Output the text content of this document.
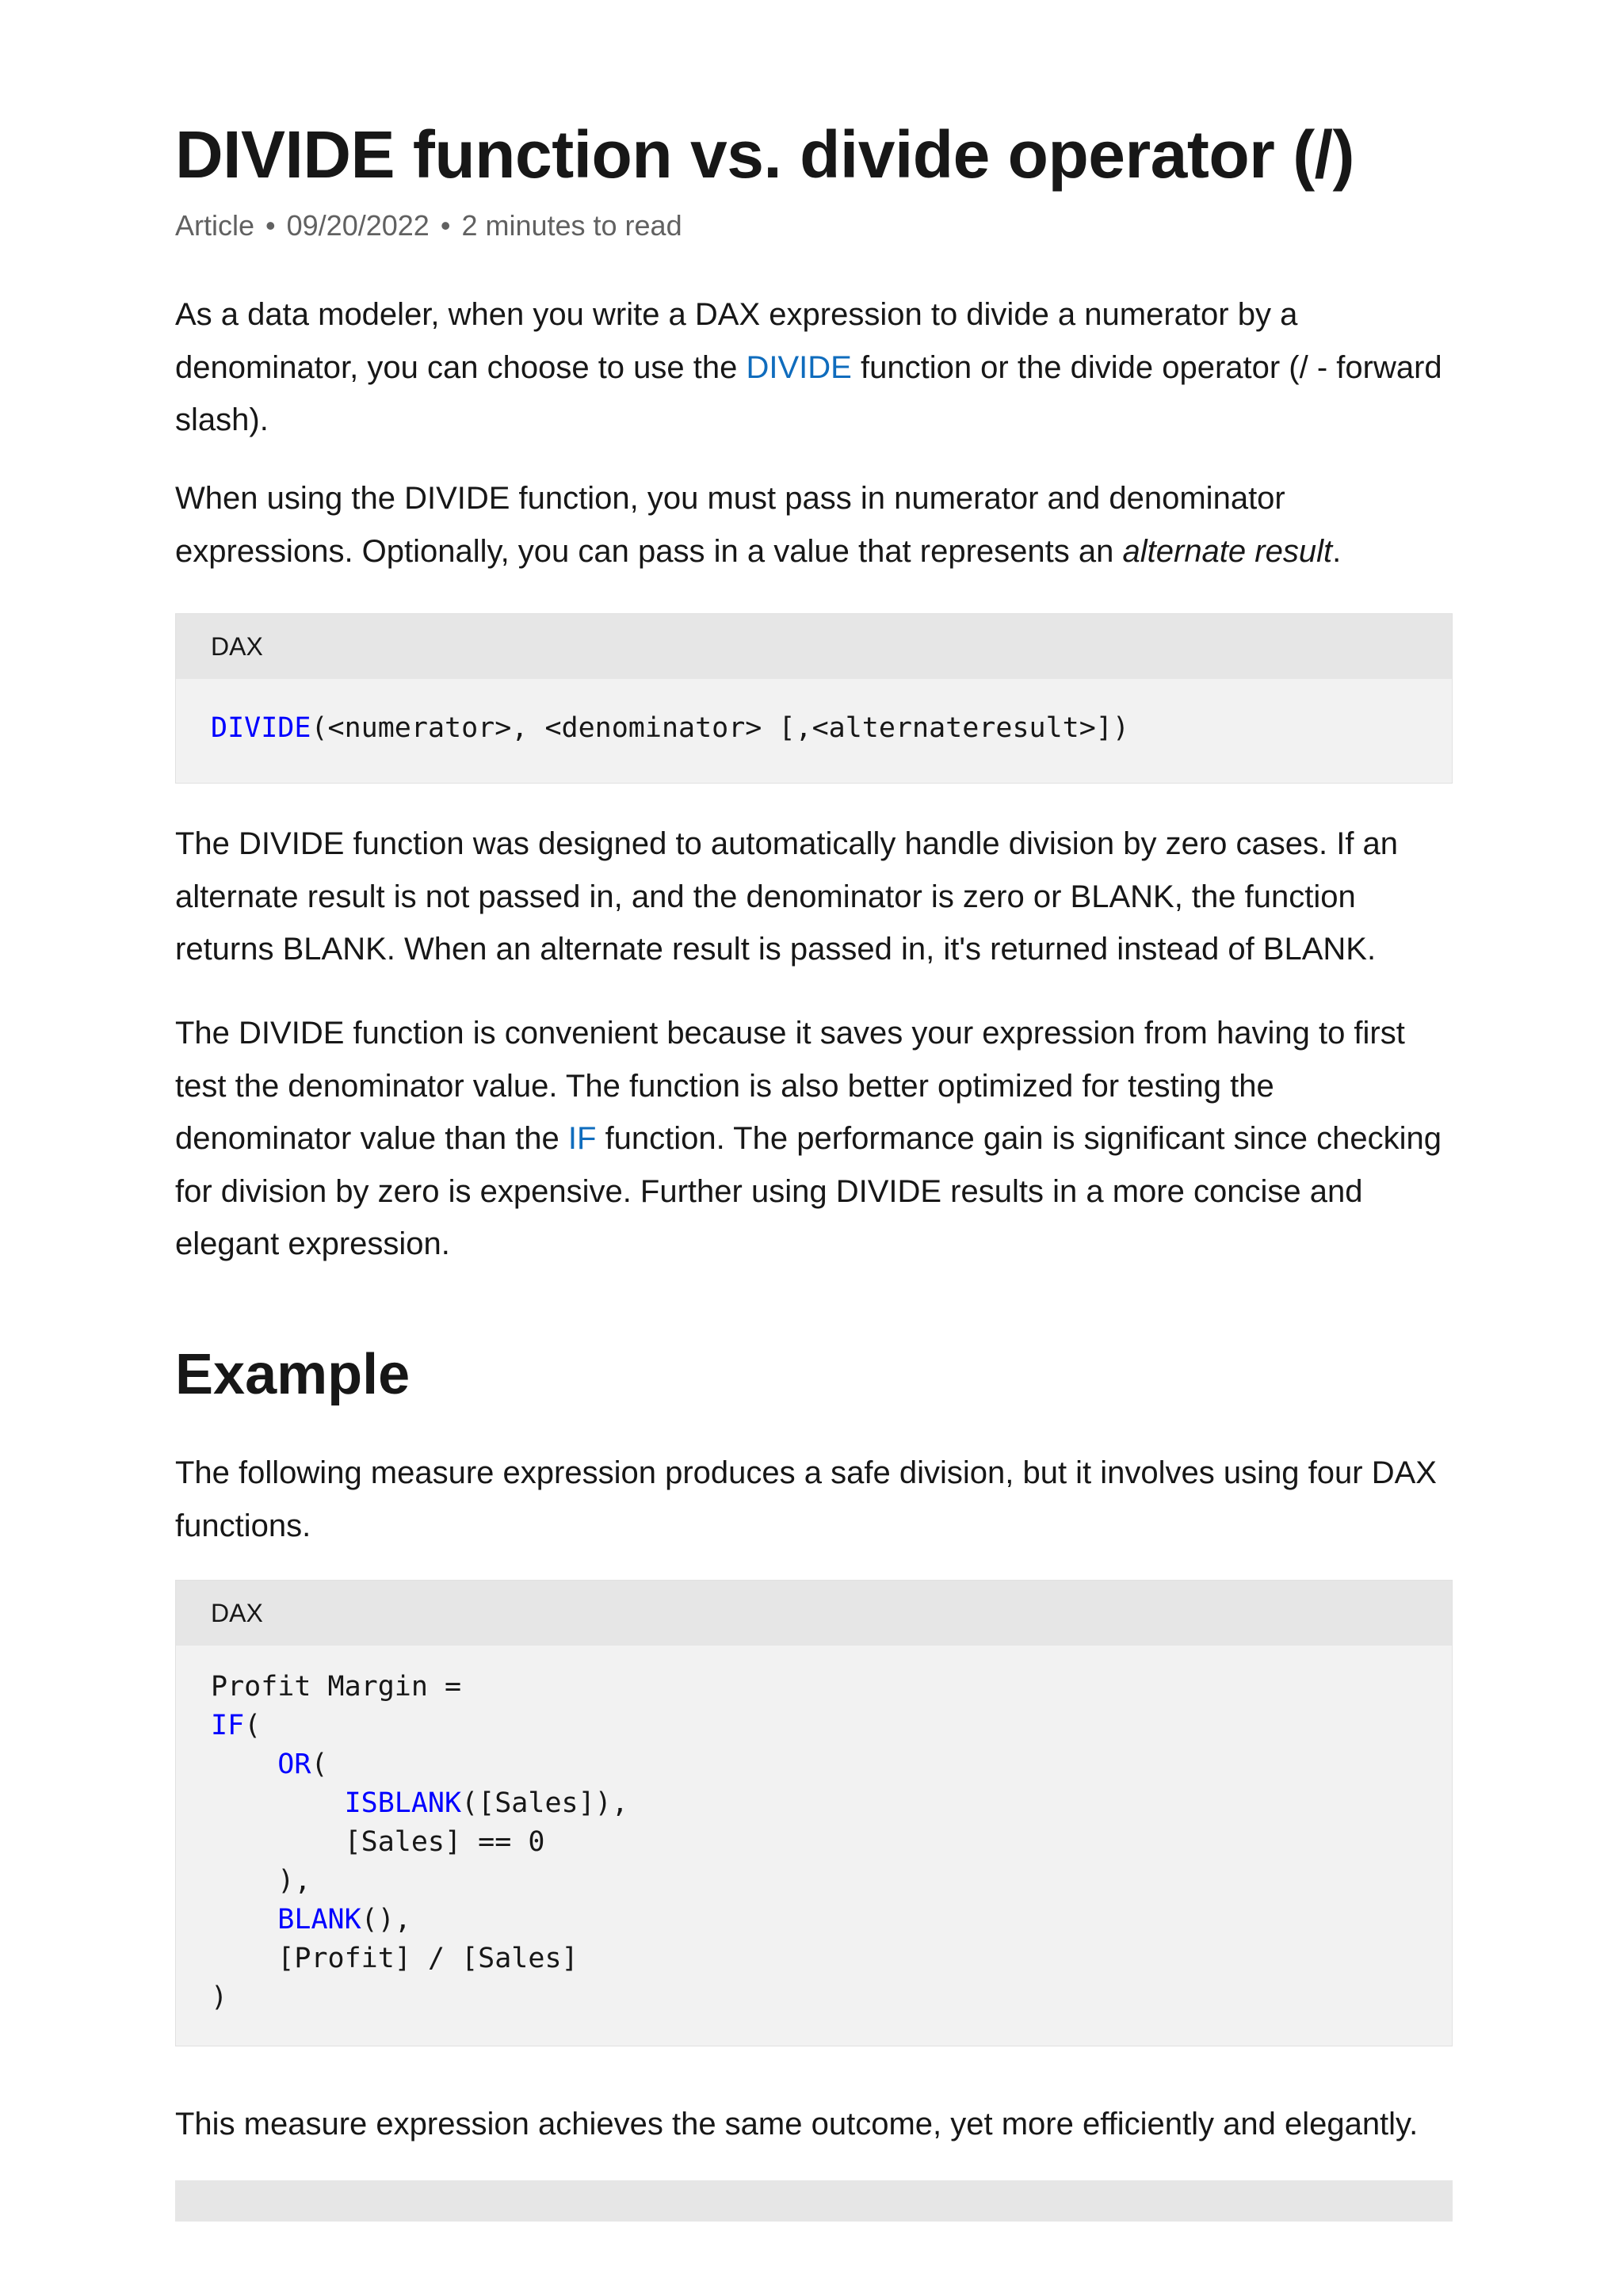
DIVIDE function vs. divide operator (/)
Article • 09/20/2022 • 2 minutes to read

As a data modeler, when you write a DAX expression to divide a numerator by a denominator, you can choose to use the DIVIDE function or the divide operator (/ - forward slash).

When using the DIVIDE function, you must pass in numerator and denominator expressions. Optionally, you can pass in a value that represents an alternate result.

DAX
DIVIDE(<numerator>, <denominator> [,<alternateresult>])

The DIVIDE function was designed to automatically handle division by zero cases. If an alternate result is not passed in, and the denominator is zero or BLANK, the function returns BLANK. When an alternate result is passed in, it's returned instead of BLANK.

The DIVIDE function is convenient because it saves your expression from having to first test the denominator value. The function is also better optimized for testing the denominator value than the IF function. The performance gain is significant since checking for division by zero is expensive. Further using DIVIDE results in a more concise and elegant expression.

Example

The following measure expression produces a safe division, but it involves using four DAX functions.

DAX
Profit Margin =
IF(
OR(
ISBLANK([Sales]),
[Sales] == 0
),
BLANK(),
[Profit] / [Sales]
)

This measure expression achieves the same outcome, yet more efficiently and elegantly.
